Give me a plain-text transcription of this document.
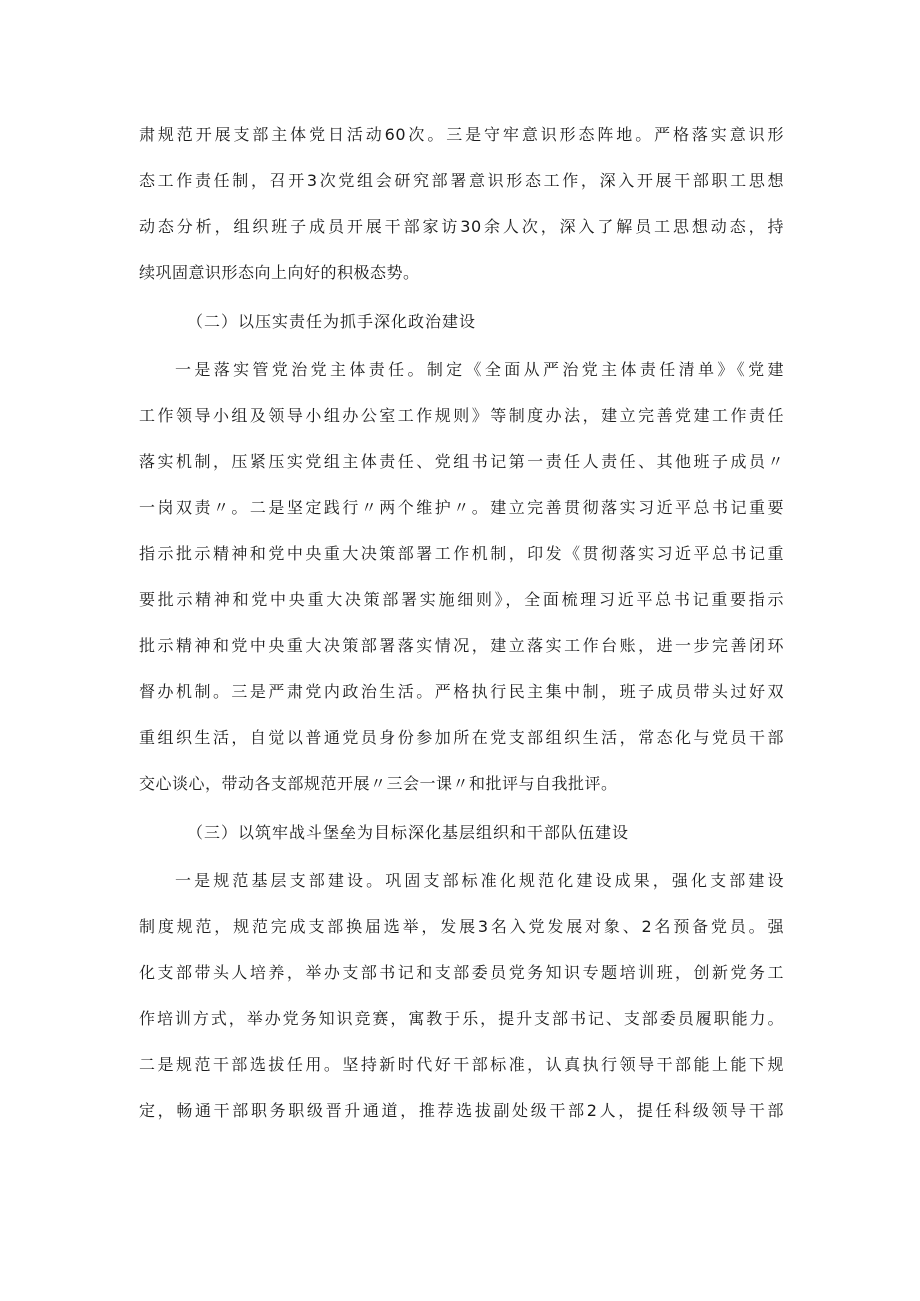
肃规范开展支部主体党日活动60次。三是守牢意识形态阵地。严格落实意识形

态工作责任制，召开3次党组会研究部署意识形态工作，深入开展干部职工思想

动态分析，组织班子成员开展干部家访30余人次，深入了解员工思想动态，持

续巩固意识形态向上向好的积极态势。

（二）以压实责任为抓手深化政治建设

一是落实管党治党主体责任。制定《全面从严治党主体责任清单》《党建

工作领导小组及领导小组办公室工作规则》等制度办法，建立完善党建工作责任

落实机制，压紧压实党组主体责任、党组书记第一责任人责任、其他班子成员〃

一岗双责〃。二是坚定践行〃两个维护〃。建立完善贯彻落实习近平总书记重要

指示批示精神和党中央重大决策部署工作机制，印发《贯彻落实习近平总书记重

要批示精神和党中央重大决策部署实施细则》，全面梳理习近平总书记重要指示

批示精神和党中央重大决策部署落实情况，建立落实工作台账，进一步完善闭环

督办机制。三是严肃党内政治生活。严格执行民主集中制，班子成员带头过好双

重组织生活，自觉以普通党员身份参加所在党支部组织生活，常态化与党员干部

交心谈心，带动各支部规范开展〃三会一课〃和批评与自我批评。

（三）以筑牢战斗堡垒为目标深化基层组织和干部队伍建设

一是规范基层支部建设。巩固支部标准化规范化建设成果，强化支部建设

制度规范，规范完成支部换届选举，发展3名入党发展对象、2名预备党员。强

化支部带头人培养，举办支部书记和支部委员党务知识专题培训班，创新党务工

作培训方式，举办党务知识竞赛，寓教于乐，提升支部书记、支部委员履职能力。

二是规范干部选拔任用。坚持新时代好干部标准，认真执行领导干部能上能下规

定，畅通干部职务职级晋升通道，推荐选拔副处级干部2人，提任科级领导干部
